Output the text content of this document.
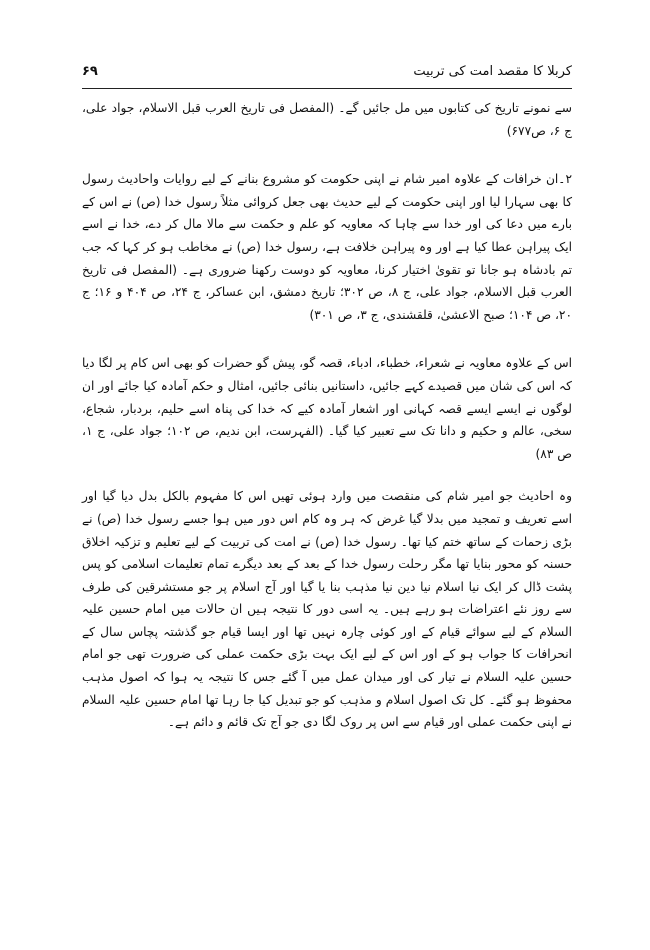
کربلا کا مقصد امت کی تربیت
۶۹

سے نمونے تاریخ کی کتابوں میں مل جائیں گے۔ (المفصل فی تاریخ العرب قبل الاسلام، جواد علی، ج ۶، ص۶۷۷)

۲۔ان خرافات کے علاوہ امیر شام نے اپنی حکومت کو مشروع بنانے کے لیے روایات واحادیث رسول کا بھی سہارا لیا اور اپنی حکومت کے لیے حدیث بھی جعل کروائی مثلاً رسول خدا (ص) نے اس کے بارے میں دعا کی اور خدا سے چاہا کہ معاویہ کو علم و حکمت سے مالا مال کر دے، خدا نے اسے ایک پیراہن عطا کیا ہے اور وہ پیراہن خلافت ہے، رسول خدا (ص) نے مخاطب ہو کر کہا کہ جب تم بادشاہ ہو جانا تو تقویٰ اختیار کرنا، معاویہ کو دوست رکھنا ضروری ہے۔ (المفصل فی تاریخ العرب قبل الاسلام، جواد علی، ج ۸، ص ۳۰۲؛ تاریخ دمشق، ابن عساکر، ج ۲۴، ص ۴۰۴ و ۱۶؛ ج ۲۰، ص ۱۰۴؛ صبح الاعشیٰ، قلقشندی، ج ۳، ص ۳۰۱)

اس کے علاوہ معاویہ نے شعراء، خطباء، ادباء، قصہ گو، پیش گو حضرات کو بھی اس کام پر لگا دیا کہ اس کی شان میں قصیدے کہے جائیں، داستانیں بنائی جائیں، امثال و حکم آمادہ کیا جائے اور ان لوگوں نے ایسے ایسے قصہ کہانی اور اشعار آمادہ کیے کہ خدا کی پناہ اسے حلیم، بردبار، شجاع، سخی، عالم و حکیم و دانا تک سے تعبیر کیا گیا۔ (الفہرست، ابن ندیم، ص ۱۰۲؛ جواد علی، ج ۱، ص ۸۳)

وہ احادیث جو امیر شام کی منقصت میں وارد ہوئی تھیں اس کا مفہوم بالکل بدل دیا گیا اور اسے تعریف و تمجید میں بدلا گیا غرض کہ ہر وہ کام اس دور میں ہوا جسے رسول خدا (ص) نے بڑی زحمات کے ساتھ ختم کیا تھا۔ رسول خدا (ص) نے امت کی تربیت کے لیے تعلیم و تزکیہ اخلاق حسنہ کو محور بنایا تھا مگر رحلت رسول خدا کے بعد کے بعد دیگرے تمام تعلیمات اسلامی کو پس پشت ڈال کر ایک نیا اسلام نیا دین نیا مذہب بنا یا گیا اور آج اسلام پر جو مستشرقین کی طرف سے روز نئے اعتراضات ہو رہے ہیں۔ یہ اسی دور کا نتیجہ ہیں ان حالات میں امام حسین علیہ السلام کے لیے سوائے قیام کے اور کوئی چارہ نہیں تھا اور ایسا قیام جو گذشتہ پچاس سال کے انحرافات کا جواب ہو کے اور اس کے لیے ایک بہت بڑی حکمت عملی کی ضرورت تھی جو امام حسین علیہ السلام نے تیار کی اور میدان عمل میں آ گئے جس کا نتیجہ یہ ہوا کہ اصول مذہب محفوظ ہو گئے۔ کل تک اصول اسلام و مذہب کو جو تبدیل کیا جا رہا تھا امام حسین علیہ السلام نے اپنی حکمت عملی اور قیام سے اس پر روک لگا دی جو آج تک قائم و دائم ہے۔
